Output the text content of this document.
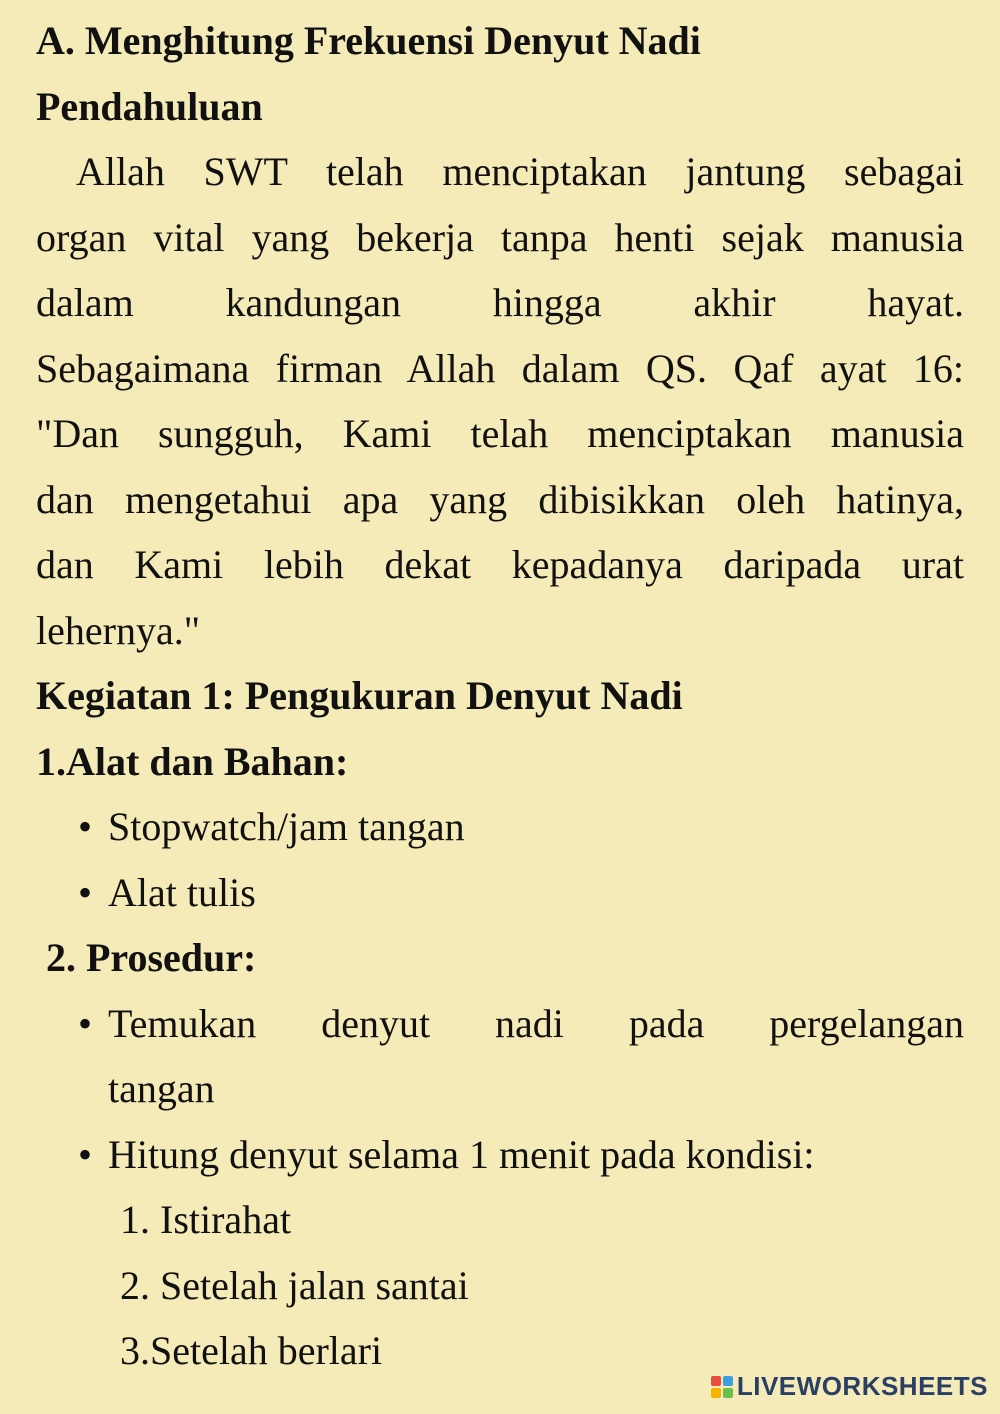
A. Menghitung Frekuensi Denyut Nadi
Pendahuluan
Allah SWT telah menciptakan jantung sebagai
organ vital yang bekerja tanpa henti sejak manusia
dalam kandungan hingga akhir hayat.
Sebagaimana firman Allah dalam QS. Qaf ayat 16:
"Dan sungguh, Kami telah menciptakan manusia
dan mengetahui apa yang dibisikkan oleh hatinya,
dan Kami lebih dekat kepadanya daripada urat
lehernya."
Kegiatan 1: Pengukuran Denyut Nadi
1.Alat dan Bahan:
• Stopwatch/jam tangan
• Alat tulis
2. Prosedur:
• Temukan denyut nadi pada pergelangan
tangan
• Hitung denyut selama 1 menit pada kondisi:
1. Istirahat
2. Setelah jalan santai
3.Setelah berlari
LIVEWORKSHEETS
